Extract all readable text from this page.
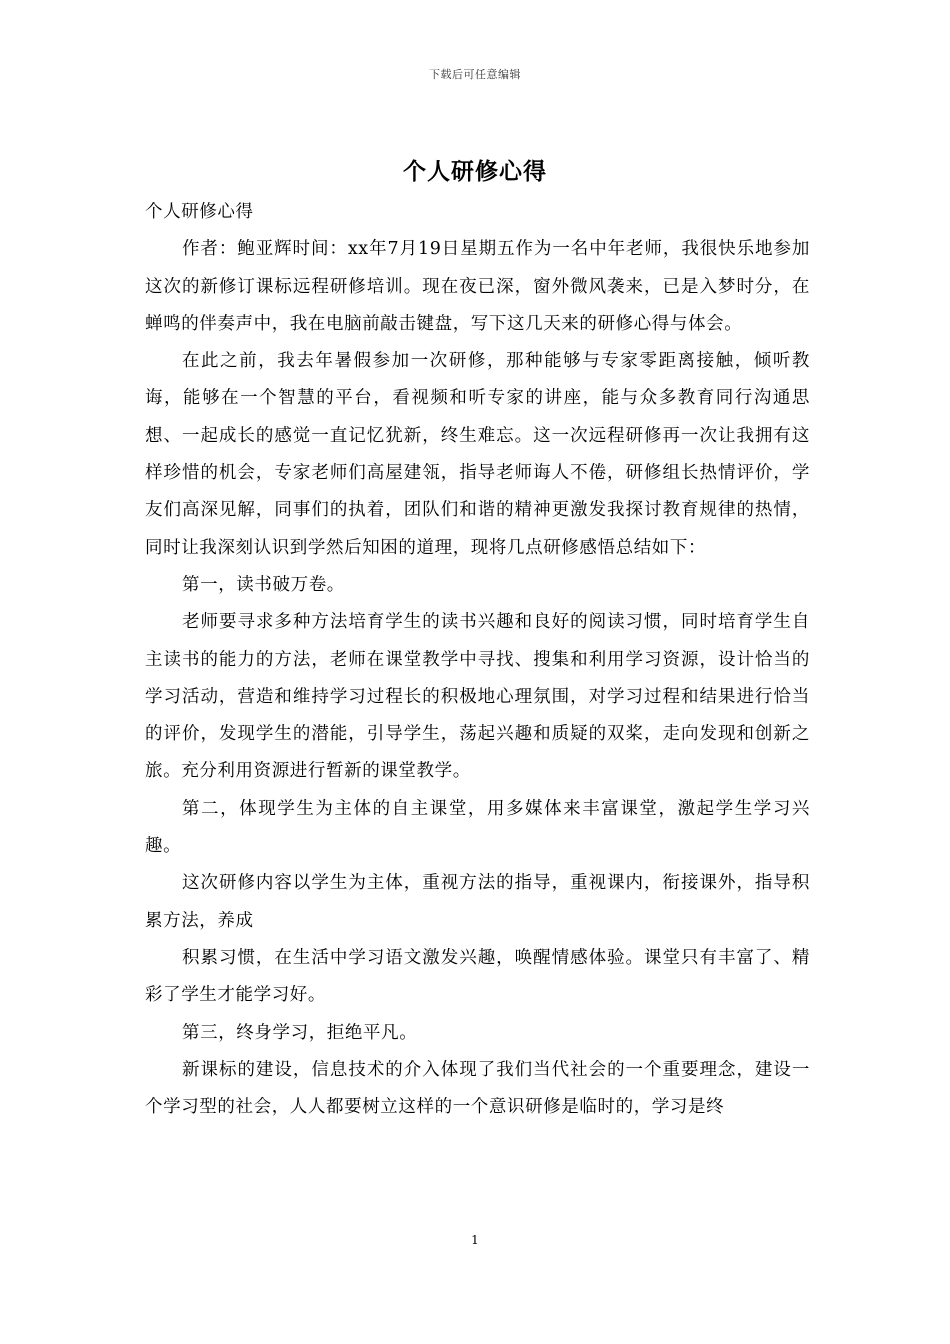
下载后可任意编辑
个人研修心得

个人研修心得

作者：鲍亚辉时间：xx年7月19日星期五作为一名中年老师，我很快乐地参加这次的新修订课标远程研修培训。现在夜已深，窗外微风袭来，已是入梦时分，在蝉鸣的伴奏声中，我在电脑前敲击键盘，写下这几天来的研修心得与体会。

在此之前，我去年暑假参加一次研修，那种能够与专家零距离接触，倾听教诲，能够在一个智慧的平台，看视频和听专家的讲座，能与众多教育同行沟通思想、一起成长的感觉一直记忆犹新，终生难忘。这一次远程研修再一次让我拥有这样珍惜的机会，专家老师们高屋建瓴，指导老师诲人不倦，研修组长热情评价，学友们高深见解，同事们的执着，团队们和谐的精神更激发我探讨教育规律的热情，同时让我深刻认识到学然后知困的道理，现将几点研修感悟总结如下：

第一，读书破万卷。

老师要寻求多种方法培育学生的读书兴趣和良好的阅读习惯，同时培育学生自主读书的能力的方法，老师在课堂教学中寻找、搜集和利用学习资源，设计恰当的学习活动，营造和维持学习过程长的积极地心理氛围，对学习过程和结果进行恰当的评价，发现学生的潜能，引导学生，荡起兴趣和质疑的双桨，走向发现和创新之旅。充分利用资源进行暂新的课堂教学。

第二，体现学生为主体的自主课堂，用多媒体来丰富课堂，激起学生学习兴趣。

这次研修内容以学生为主体，重视方法的指导，重视课内，衔接课外，指导积累方法，养成

积累习惯，在生活中学习语文激发兴趣，唤醒情感体验。课堂只有丰富了、精彩了学生才能学习好。

第三，终身学习，拒绝平凡。

新课标的建设，信息技术的介入体现了我们当代社会的一个重要理念，建设一个学习型的社会，人人都要树立这样的一个意识研修是临时的，学习是终

1
